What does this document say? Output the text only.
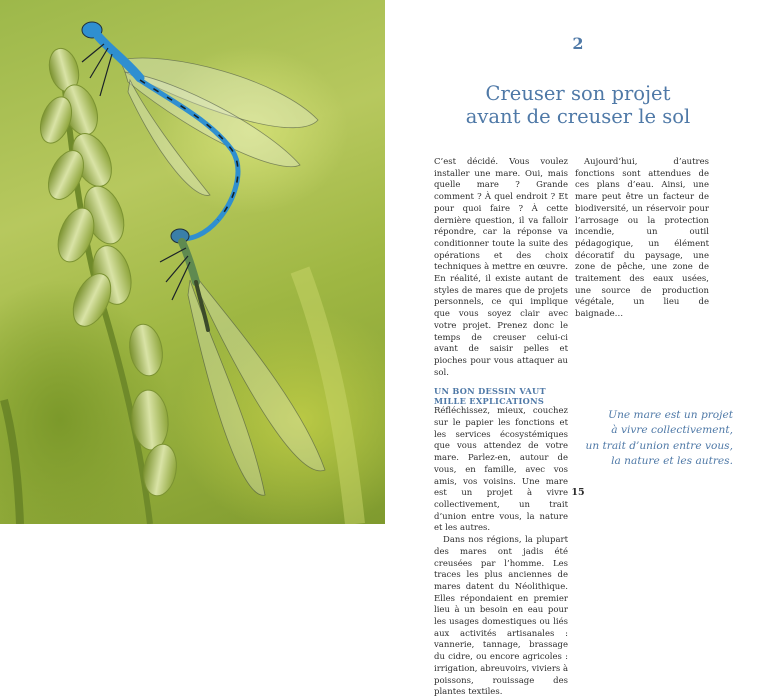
2
Creuser son projet
avant de creuser le sol

C’est décidé. Vous voulez installer une mare. Oui, mais quelle mare ? Grande comment ? À quel endroit ? Et pour quoi faire ? À cette dernière question, il va falloir répondre, car la réponse va conditionner toute la suite des opérations et des choix techniques à mettre en œuvre. En réalité, il existe autant de styles de mares que de projets personnels, ce qui implique que vous soyez clair avec votre projet. Prenez donc le temps de creuser celui-ci avant de saisir pelles et pioches pour vous attaquer au sol.

UN BON DESSIN VAUT
MILLE EXPLICATIONS

Réfléchissez, mieux, couchez sur le papier les fonctions et les services écosystémiques que vous attendez de votre mare. Parlez-en, autour de vous, en famille, avec vos amis, vos voisins. Une mare est un projet à vivre collectivement, un trait d’union entre vous, la nature et les autres.

Dans nos régions, la plupart des mares ont jadis été creusées par l’homme. Les traces les plus anciennes de mares datent du Néolithique. Elles répondaient en premier lieu à un besoin en eau pour les usages domestiques ou liés aux activités artisanales : vannerie, tannage, brassage du cidre, ou encore agricoles : irrigation, abreuvoirs, viviers à poissons, rouissage des plantes textiles.

Aujourd’hui, d’autres fonctions sont attendues de ces plans d’eau. Ainsi, une mare peut être un facteur de biodiversité, un réservoir pour l’arrosage ou la protection incendie, un outil pédagogique, un élément décoratif du paysage, une zone de pêche, une zone de traitement des eaux usées, une source de production végétale, un lieu de baignade…

Une mare est un projet
à vivre collectivement,
un trait d’union entre vous,
la nature et les autres.
15
